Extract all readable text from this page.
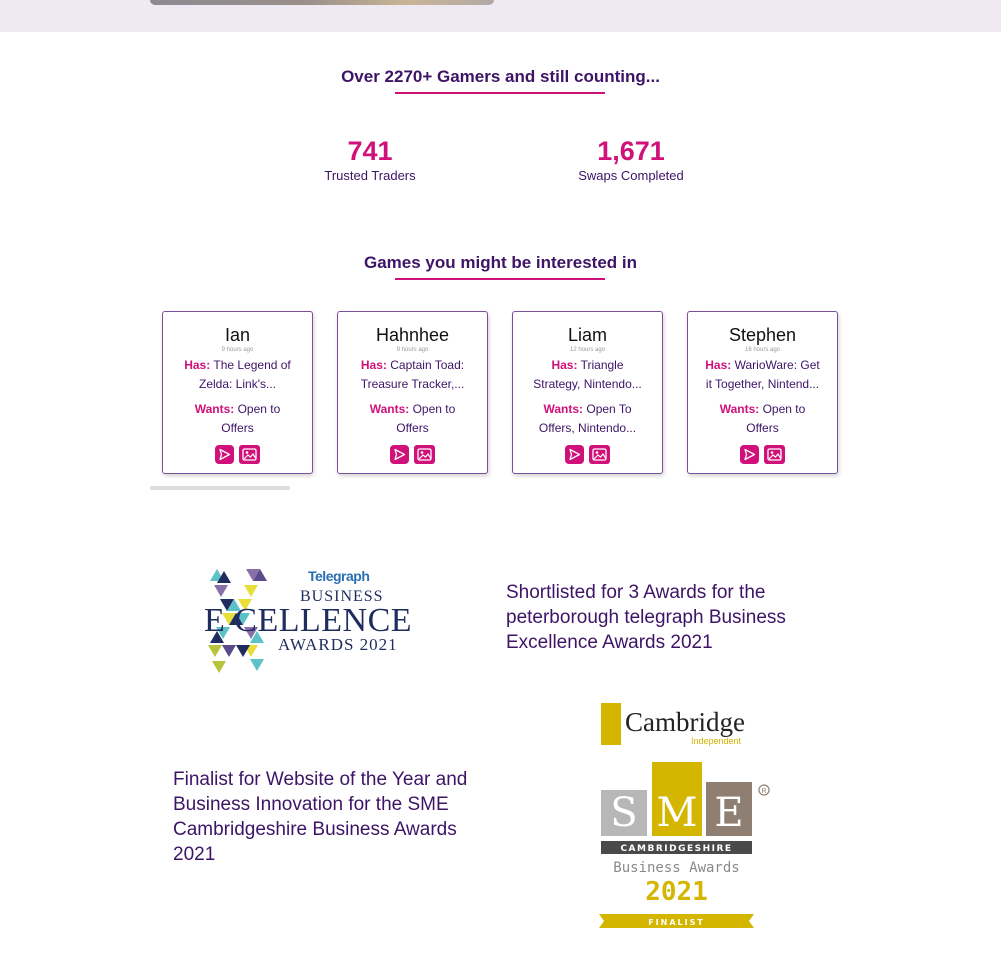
Over 2270+ Gamers and still counting...
741
Trusted Traders
1,671
Swaps Completed
Games you might be interested in
Ian
9 hours ago
Has: The Legend of Zelda: Link's...
Wants: Open to Offers
Hahnhee
9 hours ago
Has: Captain Toad: Treasure Tracker,...
Wants: Open to Offers
Liam
12 hours ago
Has: Triangle Strategy, Nintendo...
Wants: Open To Offers, Nintendo...
Stephen
16 hours ago
Has: WarioWare: Get it Together, Nintend...
Wants: Open to Offers
Telegraph
BUSINESS
E CELLENCE
AWARDS 2021
Shortlisted for 3 Awards for the peterborough telegraph Business Excellence Awards 2021
Finalist for Website of the Year and Business Innovation for the SME Cambridgeshire Business Awards 2021
Cambridge
Independent
S M E	R
CAMBRIDGESHIRE
Business Awards
2021
FINALIST
